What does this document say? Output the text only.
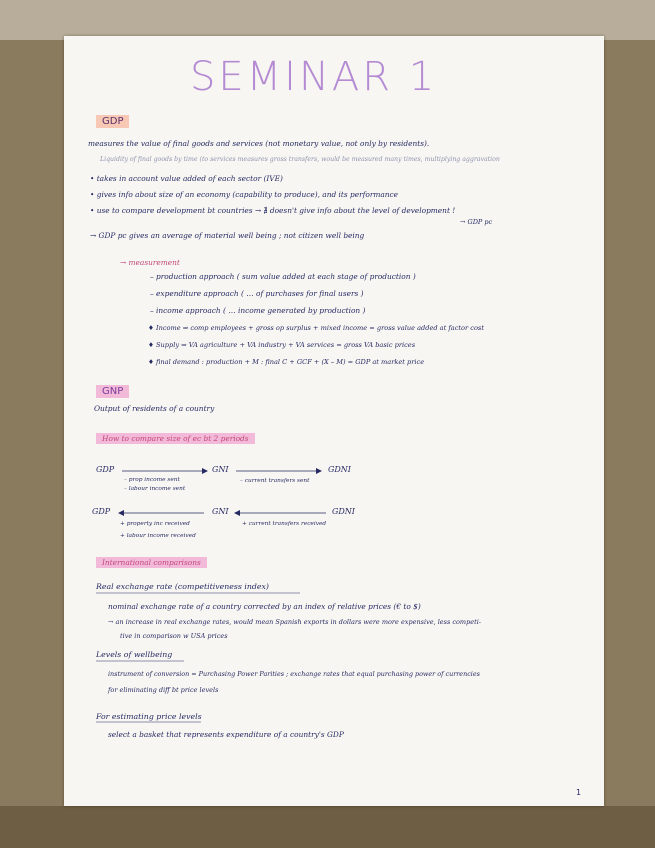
SEMINAR 1
GDP
measures the value of final goods and services (not monetary value, not only by residents).
Liquidity of final goods by time (to services measures gross transfers, would be measured many times, multiplying aggravation
• takes in account value added of each sector (IVE)
• gives info about size of an economy (capability to produce), and its performance
• use to compare development bt countries → ∄ doesn't give info about the level of development !
→ GDP pc
→ GDP pc gives an average of material well being ; not citizen well being
→ measurement
– production approach ( sum value added at each stage of production )
– expenditure approach ( … of purchases for final users )
– income approach ( … income generated by production )
♦ Income ⇒ comp employees + gross op surplus + mixed income = gross value added at factor cost
♦ Supply ⇒ VA agriculture + VA industry + VA services = gross VA basic prices
♦ final demand : production + M : final C + GCF + (X – M) = GDP at market price
GNP
Output of residents of a country
How to compare size of ec bt 2 periods
GDP	GNI	GDNI
– prop income sent
– labour income sent
– current transfers sent
GDP	GNI	GDNI
+ property inc received
+ labour income received
+ current transfers received
International comparisons
Real exchange rate (competitiveness index)
nominal exchange rate of a country corrected by an index of relative prices (€ to $)
→ an increase in real exchange rates, would mean Spanish exports in dollars were more expensive, less competi-
tive in comparison w USA prices
Levels of wellbeing
instrument of conversion = Purchasing Power Parities ; exchange rates that equal purchasing power of currencies
for eliminating diff bt price levels
For estimating price levels
select a basket that represents expenditure of a country's GDP
1
